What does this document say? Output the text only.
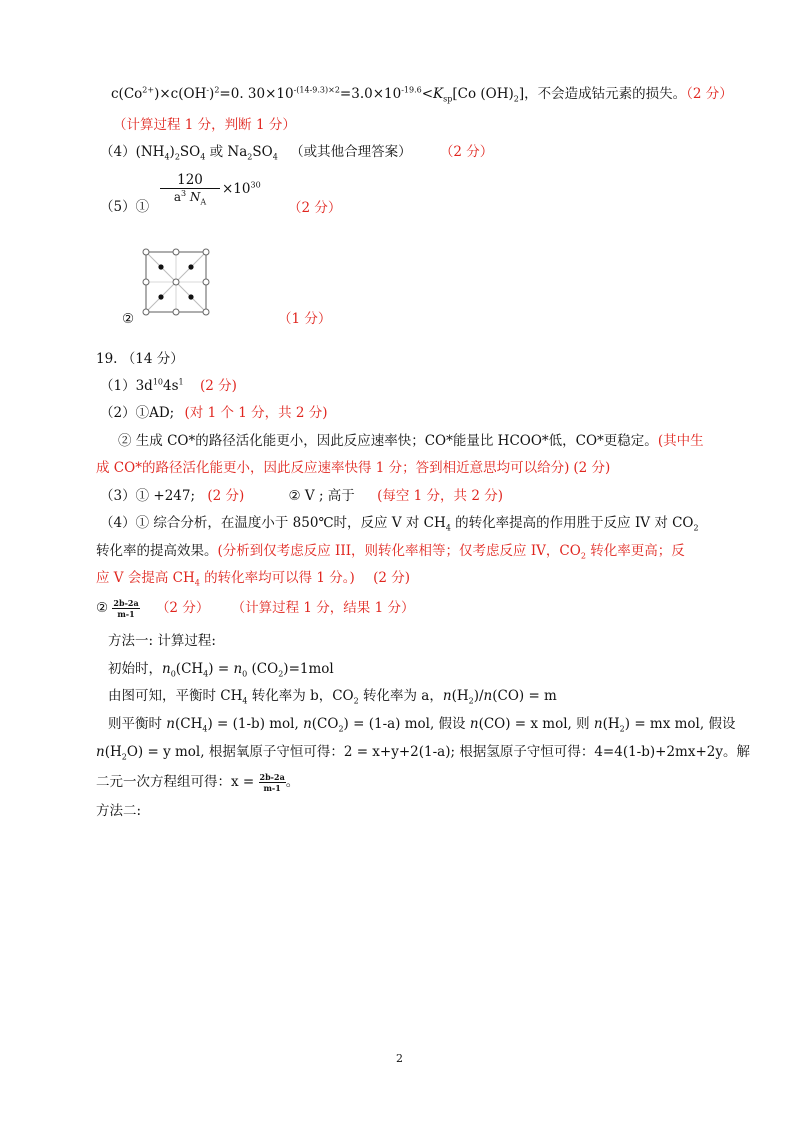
$c(Co^{2+})\times c(OH^-)^2=0$. $30\times 10^{-(14-9.3)\times 2}=3.0\times 10^{-19.6}<K_{sp}[Co$ $(OH)_2$]，不会造成钴元素的损失。（2 分）
（计算过程 1 分，判断 1 分）
$(4)(NH_4)_2SO_4$ 或 $Na_2SO_4$ （或其他合理答案） （2 分）
（5）①
120
$a^3$ $N_A$
$\times 10^{30}$
（2 分）
②	（1 分）
19. （14 分）
$(1)3d^{10}4s^1$ (2 分)
（2）①AD; (对 1 个 1 分，共 2 分)
② 生成 CO*的路径活化能更小，因此反应速率快；CO*能量比 HCOO*低，CO*更稳定。(其中生
成 CO*的路径活化能更小，因此反应速率快得 1 分；答到相近意思均可以给分) (2 分)
（3）① +247; (2 分)	② V ; 高于 (每空 1 分，共 2 分)
（4）① 综合分析，在温度小于 850℃时，反应 V 对 $CH_4$ 的转化率提高的作用胜于反应 IV 对 $CO_2$
转化率的提高效果。(分析到仅考虑反应 III，则转化率相等；仅考虑反应 IV，$CO_2$ 转化率更高；反
应 V 会提高 $CH_4$ 的转化率均可以得 1 分。) (2 分)
② $\frac{2b-2a}{m-1} (2$ 分） （计算过程 1 分，结果 1 分）
方法一: 计算过程:
初始时，$n_0(CH_4) = n_0$ $(CO_2)=1mol$
由图可知，平衡时 $CH_4$ 转化率为 b，$CO_2$ 转化率为 a，$n(H_2)/n(CO) = m$
则平衡时 $n(CH_4) = (1-b)$ mol, $n(CO_2) = (1-a)$ mol, 假设 n(CO) = x mol, 则 $n(H_2)$ = mx mol, 假设
$n(H_2O) = y$ mol, 根据氧原子守恒可得：2 = x+y+2(1-a); 根据氢原子守恒可得：4=4(1-b)+2mx+2y。解
二元一次方程组可得：$x = \frac{2b-2a}{m-1}$ 。
方法二:
2
